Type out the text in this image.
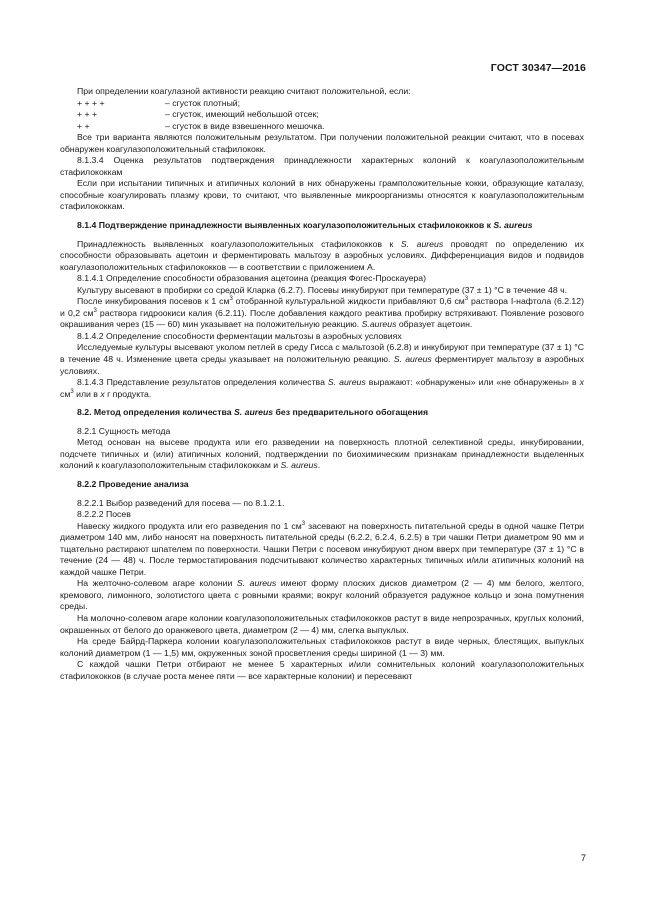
ГОСТ 30347—2016

При определении коагулазной активности реакцию считают положительной, если:

+ + + +	– сгусток плотный;
+ + +	– сгусток, имеющий небольшой отсек;
+ +	– сгусток в виде взвешенного мешочка.

Все три варианта являются положительным результатом. При получении положительной реакции считают, что в посевах обнаружен коагулазоположительный стафилококк.

8.1.3.4 Оценка результатов подтверждения принадлежности характерных колоний к коагулазоположительным стафилококкам

Если при испытании типичных и атипичных колоний в них обнаружены грамположительные кокки, образующие каталазу, способные коагулировать плазму крови, то считают, что выявленные микроорганизмы относятся к коагулазоположительным стафилококкам.

8.1.4 Подтверждение принадлежности выявленных коагулазоположительных стафилококков к S. aureus

Принадлежность выявленных коагулазоположительных стафилококков к S. aureus проводят по определению их способности образовывать ацетоин и ферментировать мальтозу в аэробных условиях. Дифференциация видов и подвидов коагулазоположительных стафилококков — в соответствии с приложением А.

8.1.4.1 Определение способности образования ацетоина (реакция Фогес-Проскауера)

Культуру высевают в пробирки со средой Кларка (6.2.7). Посевы инкубируют при температуре (37 ± 1) °С в течение 48 ч.

После инкубирования посевов к 1 $см^3$ отобранной культуральной жидкости прибавляют 0,6 $см^3$ раствора I-нафтола (6.2.12) и 0,2 $см^3$ раствора гидроокиси калия (6.2.11). После добавления каждого реактива пробирку встряхивают. Появление розового окрашивания через (15 — 60) мин указывает на положительную реакцию. S.aureus образует ацетоин.

8.1.4.2 Определение способности ферментации мальтозы в аэробных условиях

Исследуемые культуры высевают уколом петлей в среду Гисса с мальтозой (6.2.8) и инкубируют при температуре (37 ± 1) °С в течение 48 ч. Изменение цвета среды указывает на положительную реакцию. S. aureus ферментирует мальтозу в аэробных условиях.

8.1.4.3 Представление результатов определения количества S. aureus выражают: «обнаружены» или «не обнаружены» в x $см^3$ или в x г продукта.

8.2. Метод определения количества S. aureus без предварительного обогащения

8.2.1 Сущность метода

Метод основан на высеве продукта или его разведении на поверхность плотной селективной среды, инкубировании, подсчете типичных и (или) атипичных колоний, подтверждении по биохимическим признакам принадлежности выделенных колоний к коагулазоположительным стафилококкам и S. aureus.

8.2.2 Проведение анализа

8.2.2.1 Выбор разведений для посева — по 8.1.2.1.

8.2.2.2 Посев

Навеску жидкого продукта или его разведения по 1 $см^3$ засевают на поверхность питательной среды в одной чашке Петри диаметром 140 мм, либо наносят на поверхность питательной среды (6.2.2, 6.2.4, 6.2.5) в три чашки Петри диаметром 90 мм и тщательно растирают шпателем по поверхности. Чашки Петри с посевом инкубируют дном вверх при температуре (37 ± 1) °С в течение (24 — 48) ч. После термостатирования подсчитывают количество характерных типичных и/или атипичных колоний на каждой чашке Петри.

На желточно-солевом агаре колонии S. aureus имеют форму плоских дисков диаметром (2 — 4) мм белого, желтого, кремового, лимонного, золотистого цвета с ровными краями; вокруг колоний образуется радужное кольцо и зона помутнения среды.

На молочно-солевом агаре колонии коагулазоположительных стафилококков растут в виде непрозрачных, круглых колоний, окрашенных от белого до оранжевого цвета, диаметром (2 — 4) мм, слегка выпуклых.

На среде Байрд-Паркера колонии коагулазоположительных стафилококков растут в виде черных, блестящих, выпуклых колоний диаметром (1 — 1,5) мм, окруженных зоной просветления среды шириной (1 — 3) мм.

С каждой чашки Петри отбирают не менее 5 характерных и/или сомнительных колоний коагулазоположительных стафилококков (в случае роста менее пяти — все характерные колонии) и пересевают

7
